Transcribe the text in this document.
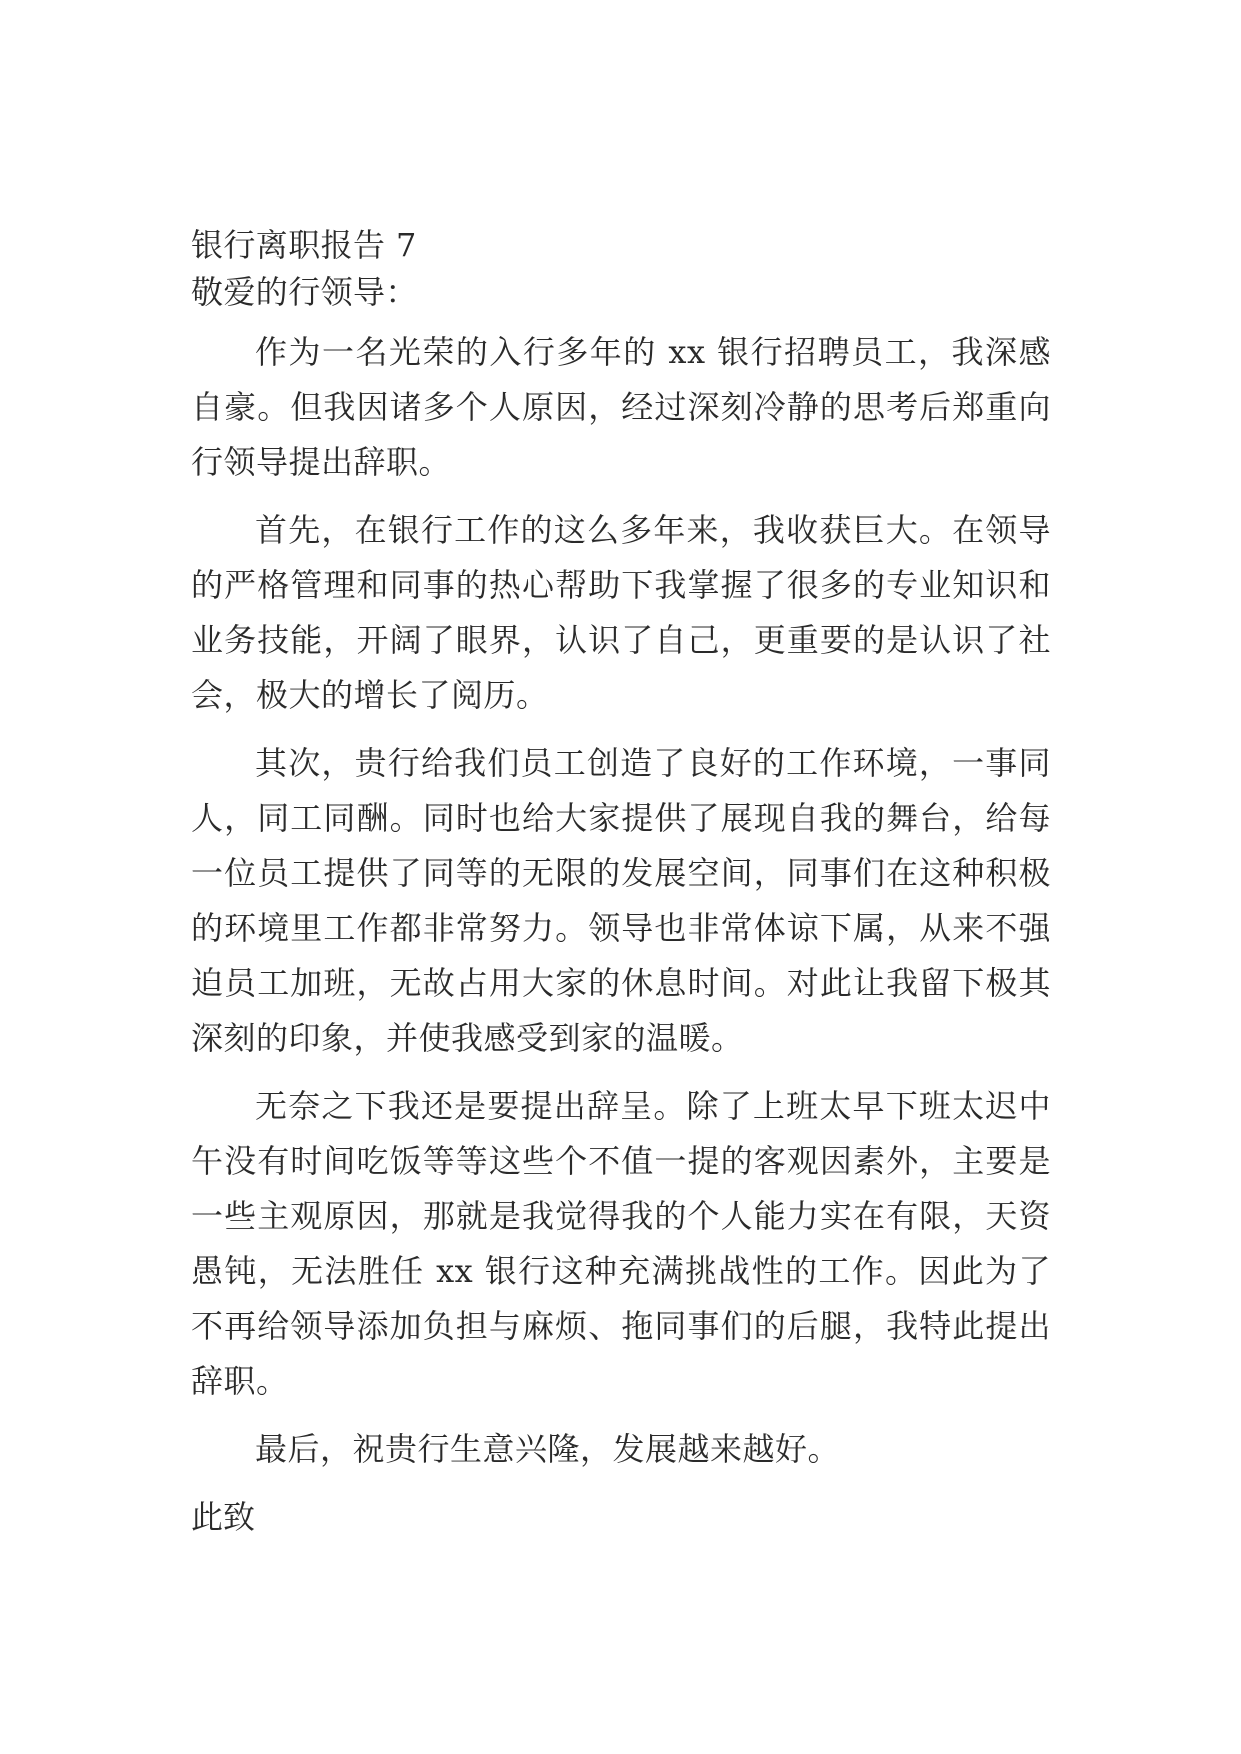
银行离职报告 7
敬爱的行领导：

作为一名光荣的入行多年的 xx 银行招聘员工，我深感自豪。但我因诸多个人原因，经过深刻冷静的思考后郑重向行领导提出辞职。

首先，在银行工作的这么多年来，我收获巨大。在领导的严格管理和同事的热心帮助下我掌握了很多的专业知识和业务技能，开阔了眼界，认识了自己，更重要的是认识了社会，极大的增长了阅历。

其次，贵行给我们员工创造了良好的工作环境，一事同人，同工同酬。同时也给大家提供了展现自我的舞台，给每一位员工提供了同等的无限的发展空间，同事们在这种积极的环境里工作都非常努力。领导也非常体谅下属，从来不强迫员工加班，无故占用大家的休息时间。对此让我留下极其深刻的印象，并使我感受到家的温暖。

无奈之下我还是要提出辞呈。除了上班太早下班太迟中午没有时间吃饭等等这些个不值一提的客观因素外，主要是一些主观原因，那就是我觉得我的个人能力实在有限，天资愚钝，无法胜任 xx 银行这种充满挑战性的工作。因此为了不再给领导添加负担与麻烦、拖同事们的后腿，我特此提出辞职。

最后，祝贵行生意兴隆，发展越来越好。

此致
